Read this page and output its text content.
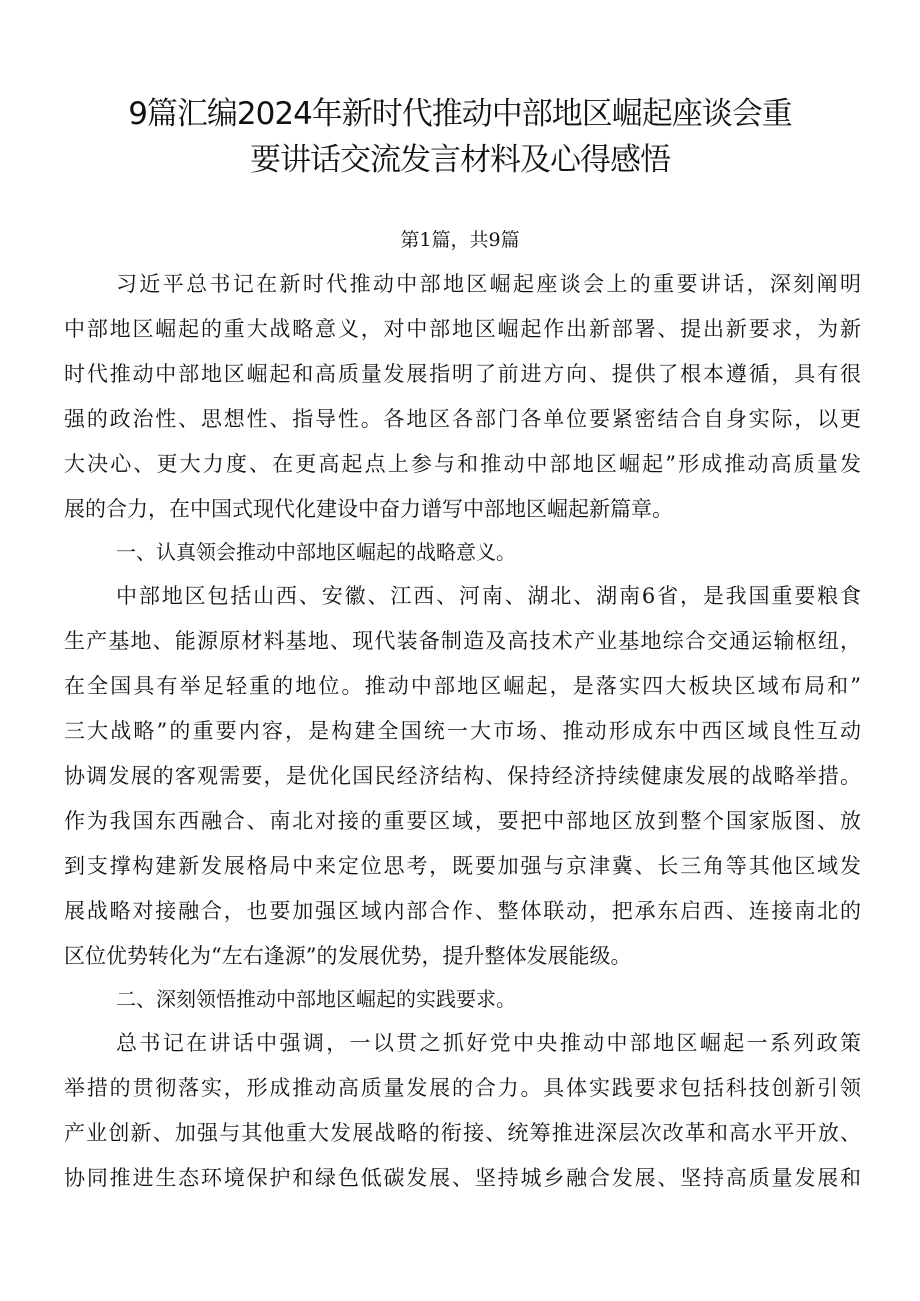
9篇汇编2024年新时代推动中部地区崛起座谈会重
要讲话交流发言材料及心得感悟
第1篇，共9篇
习近平总书记在新时代推动中部地区崛起座谈会上的重要讲话，深刻阐明
中部地区崛起的重大战略意义，对中部地区崛起作出新部署、提出新要求，为新
时代推动中部地区崛起和高质量发展指明了前进方向、提供了根本遵循，具有很
强的政治性、思想性、指导性。各地区各部门各单位要紧密结合自身实际，以更
大决心、更大力度、在更高起点上参与和推动中部地区崛起”形成推动高质量发
展的合力，在中国式现代化建设中奋力谱写中部地区崛起新篇章。
一、认真领会推动中部地区崛起的战略意义。
中部地区包括山西、安徽、江西、河南、湖北、湖南6省，是我国重要粮食
生产基地、能源原材料基地、现代装备制造及高技术产业基地综合交通运输枢纽，
在全国具有举足轻重的地位。推动中部地区崛起，是落实四大板块区域布局和”
三大战略”的重要内容，是构建全国统一大市场、推动形成东中西区域良性互动
协调发展的客观需要，是优化国民经济结构、保持经济持续健康发展的战略举措。
作为我国东西融合、南北对接的重要区域，要把中部地区放到整个国家版图、放
到支撑构建新发展格局中来定位思考，既要加强与京津冀、长三角等其他区域发
展战略对接融合，也要加强区域内部合作、整体联动，把承东启西、连接南北的
区位优势转化为“左右逢源”的发展优势，提升整体发展能级。
二、深刻领悟推动中部地区崛起的实践要求。
总书记在讲话中强调，一以贯之抓好党中央推动中部地区崛起一系列政策
举措的贯彻落实，形成推动高质量发展的合力。具体实践要求包括科技创新引领
产业创新、加强与其他重大发展战略的衔接、统筹推进深层次改革和高水平开放、
协同推进生态环境保护和绿色低碳发展、坚持城乡融合发展、坚持高质量发展和
